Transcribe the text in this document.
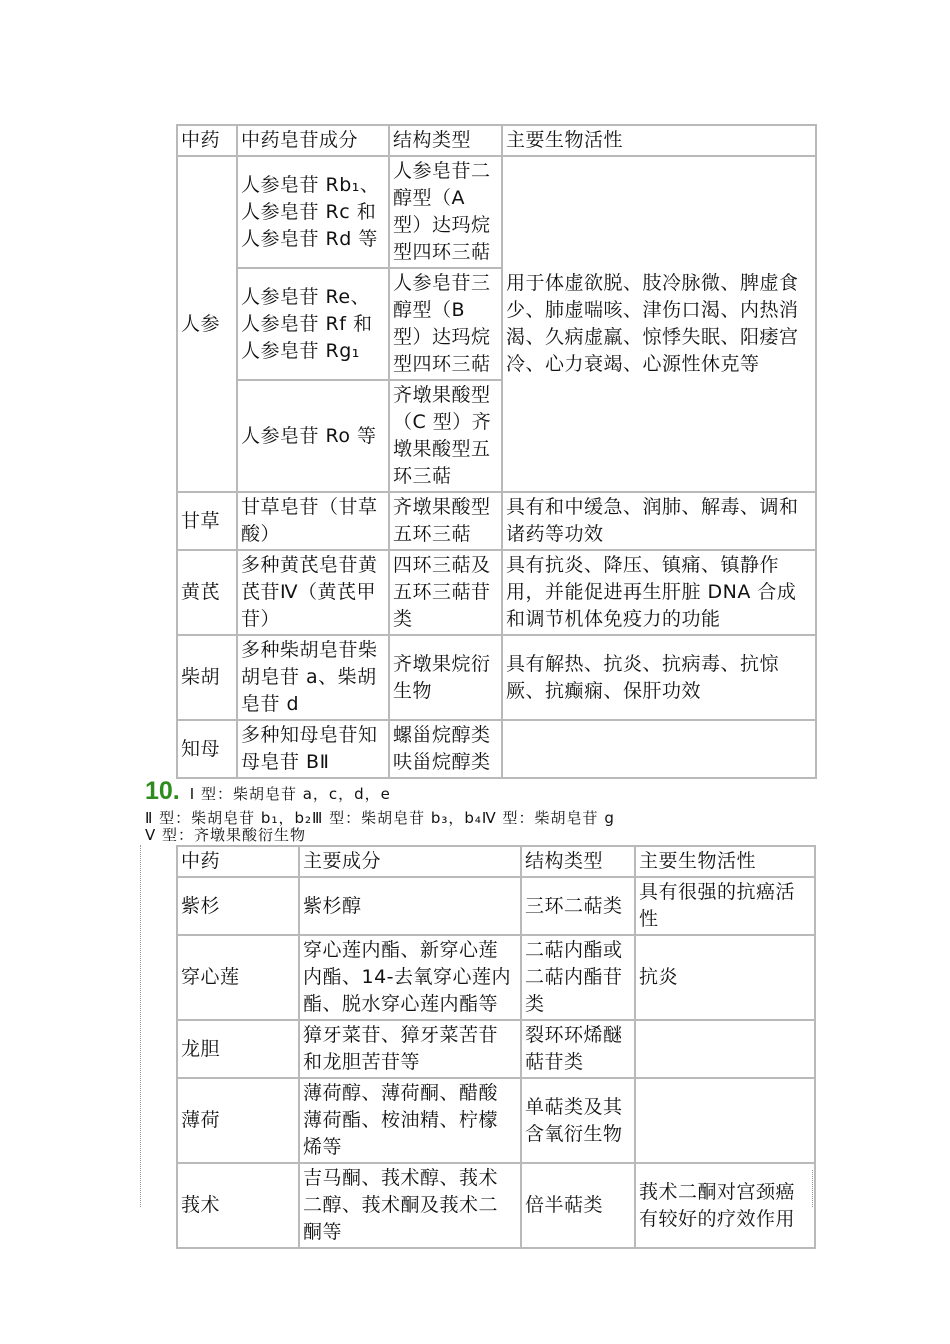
中药	中药皂苷成分	结构类型	主要生物活性
人参	人参皂苷 Rb₁、人参皂苷 Rc 和人参皂苷 Rd 等	人参皂苷二醇型（A 型）达玛烷型四环三萜	用于体虚欲脱、肢冷脉微、脾虚食少、肺虚喘咳、津伤口渴、内热消渴、久病虚羸、惊悸失眠、阳痿宫冷、心力衰竭、心源性休克等
	人参皂苷 Re、人参皂苷 Rf 和人参皂苷 Rg₁	人参皂苷三醇型（B 型）达玛烷型四环三萜	
	人参皂苷 Ro 等	齐墩果酸型（C 型）齐墩果酸型五环三萜	
甘草	甘草皂苷（甘草酸）	齐墩果酸型五环三萜	具有和中缓急、润肺、解毒、调和诸药等功效
黄芪	多种黄芪皂苷黄芪苷Ⅳ（黄芪甲苷）	四环三萜及五环三萜苷类	具有抗炎、降压、镇痛、镇静作用，并能促进再生肝脏 DNA 合成和调节机体免疫力的功能
柴胡	多种柴胡皂苷柴胡皂苷 a、柴胡皂苷 d	齐墩果烷衍生物	具有解热、抗炎、抗病毒、抗惊厥、抗癫痫、保肝功效
知母	多种知母皂苷知母皂苷 BⅡ	螺甾烷醇类呋甾烷醇类	
10. Ⅰ 型：柴胡皂苷 a，c，d，e
Ⅱ 型：柴胡皂苷 b₁，b₂Ⅲ 型：柴胡皂苷 b₃，b₄Ⅳ 型：柴胡皂苷 g
Ⅴ 型：齐墩果酸衍生物
中药	主要成分	结构类型	主要生物活性
紫杉	紫杉醇	三环二萜类	具有很强的抗癌活性
穿心莲	穿心莲内酯、新穿心莲内酯、14-去氧穿心莲内酯、脱水穿心莲内酯等	二萜内酯或二萜内酯苷类	抗炎
龙胆	獐牙菜苷、獐牙菜苦苷和龙胆苦苷等	裂环环烯醚萜苷类	
薄荷	薄荷醇、薄荷酮、醋酸薄荷酯、桉油精、柠檬烯等	单萜类及其含氧衍生物	
莪术	吉马酮、莪术醇、莪术二醇、莪术酮及莪术二酮等	倍半萜类	莪术二酮对宫颈癌有较好的疗效作用
